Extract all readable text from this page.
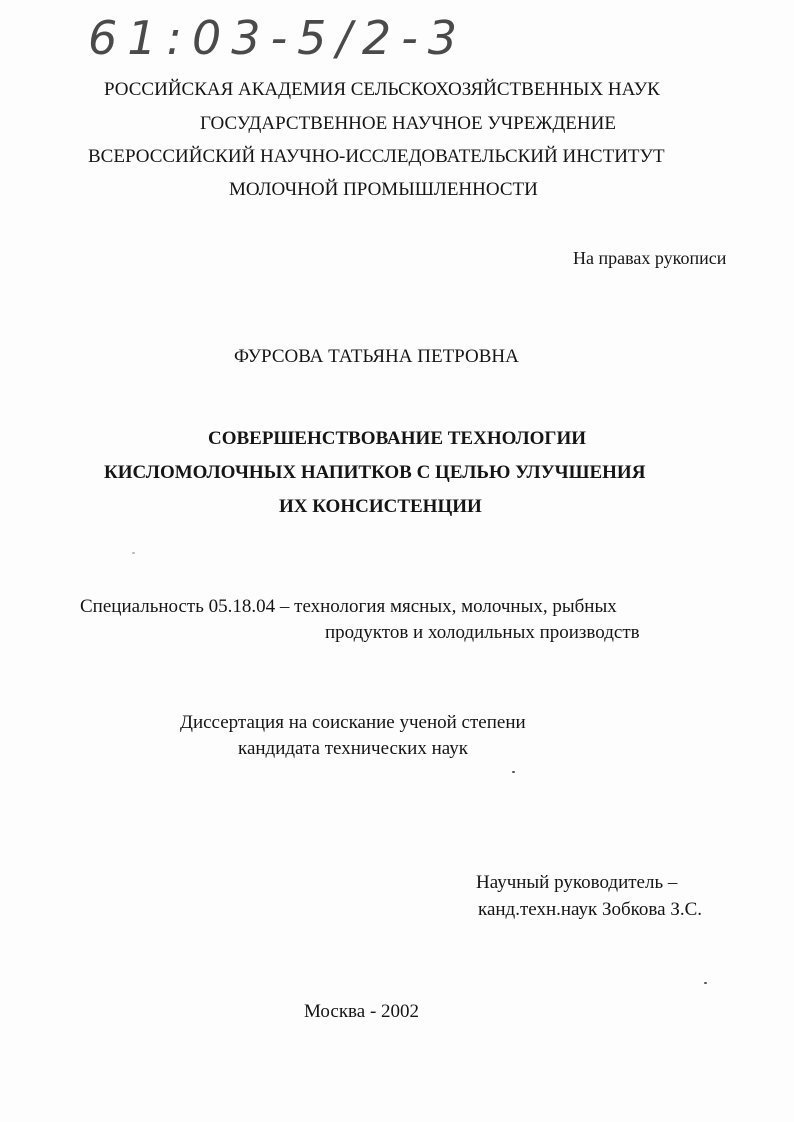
61:03-5/2-3
РОССИЙСКАЯ АКАДЕМИЯ СЕЛЬСКОХОЗЯЙСТВЕННЫХ НАУК
ГОСУДАРСТВЕННОЕ НАУЧНОЕ УЧРЕЖДЕНИЕ
ВСЕРОССИЙСКИЙ НАУЧНО-ИССЛЕДОВАТЕЛЬСКИЙ ИНСТИТУТ
МОЛОЧНОЙ ПРОМЫШЛЕННОСТИ
На правах рукописи
ФУРСОВА ТАТЬЯНА ПЕТРОВНА
СОВЕРШЕНСТВОВАНИЕ ТЕХНОЛОГИИ
КИСЛОМОЛОЧНЫХ НАПИТКОВ С ЦЕЛЬЮ УЛУЧШЕНИЯ
ИХ КОНСИСТЕНЦИИ
Специальность 05.18.04 – технология мясных, молочных, рыбных
продуктов и холодильных производств
Диссертация на соискание ученой степени
кандидата технических наук
Научный руководитель –
канд.техн.наук Зобкова З.С.
Москва - 2002
